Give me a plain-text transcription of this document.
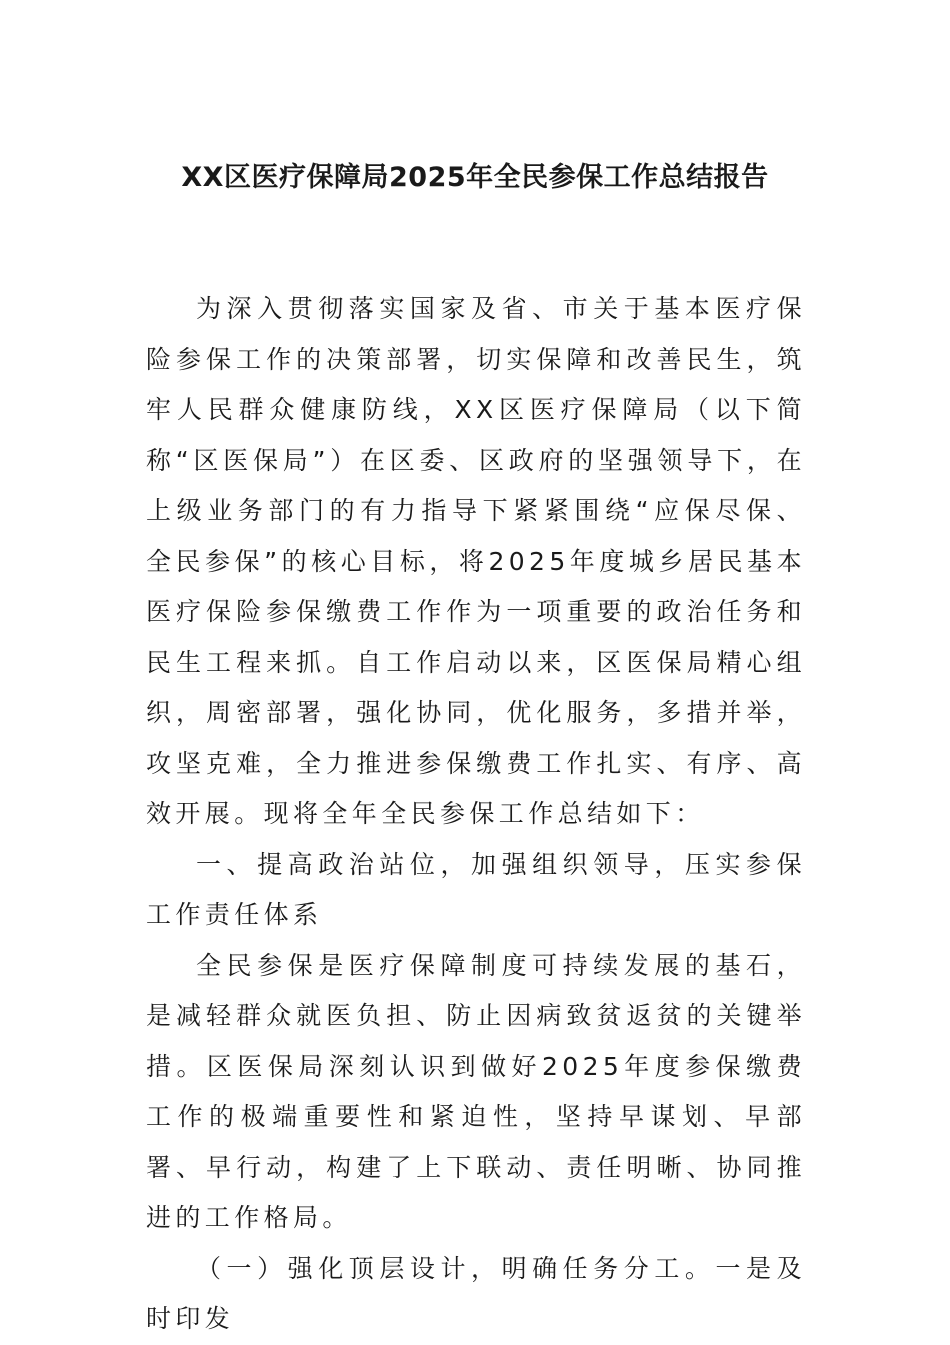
XX区医疗保障局2025年全民参保工作总结报告

为深入贯彻落实国家及省、市关于基本医疗保险参保工作的决策部署，切实保障和改善民生，筑牢人民群众健康防线，XX区医疗保障局（以下简称“区医保局”）在区委、区政府的坚强领导下，在上级业务部门的有力指导下紧紧围绕“应保尽保、全民参保”的核心目标，将2025年度城乡居民基本医疗保险参保缴费工作作为一项重要的政治任务和民生工程来抓。自工作启动以来，区医保局精心组织，周密部署，强化协同，优化服务，多措并举，攻坚克难，全力推进参保缴费工作扎实、有序、高效开展。现将全年全民参保工作总结如下：

一、提高政治站位，加强组织领导，压实参保工作责任体系

全民参保是医疗保障制度可持续发展的基石，是减轻群众就医负担、防止因病致贫返贫的关键举措。区医保局深刻认识到做好2025年度参保缴费工作的极端重要性和紧迫性，坚持早谋划、早部署、早行动，构建了上下联动、责任明晰、协同推进的工作格局。

（一）强化顶层设计，明确任务分工。一是及时印发
